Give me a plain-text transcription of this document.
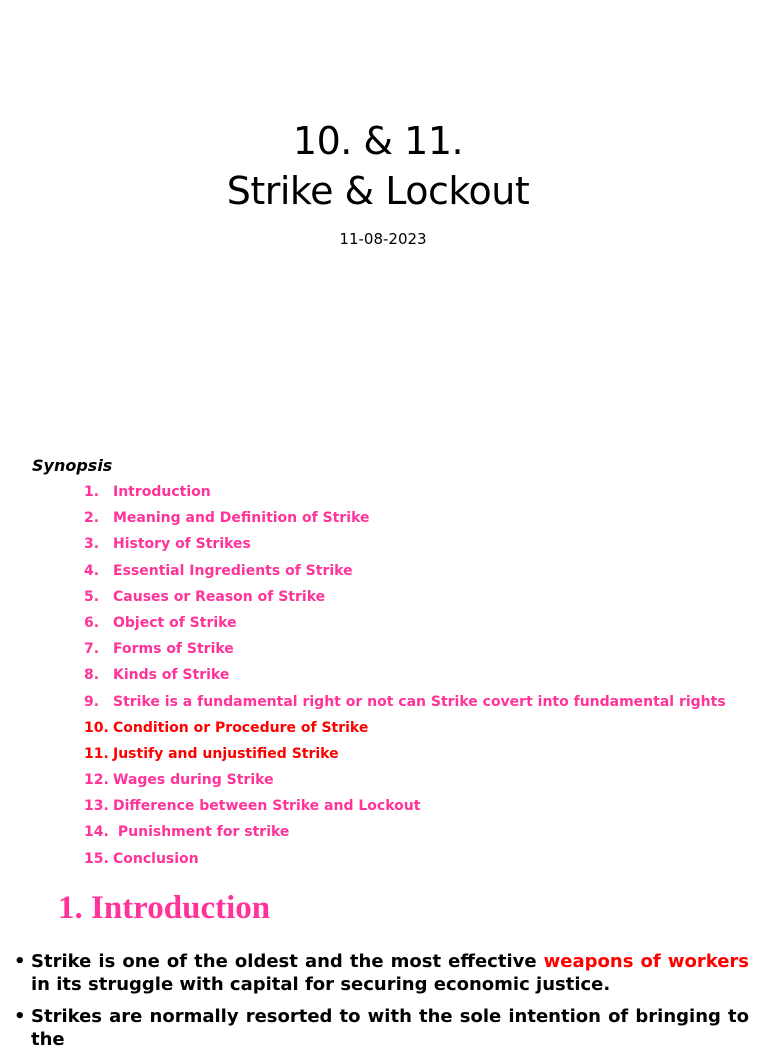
10. & 11.
Strike & Lockout
11-08-2023
Synopsis
1. Introduction
2. Meaning and Definition of Strike
3. History of Strikes
4. Essential Ingredients of Strike
5. Causes or Reason of Strike
6. Object of Strike
7. Forms of Strike
8. Kinds of Strike
9. Strike is a fundamental right or not can Strike covert into fundamental rights
10. Condition or Procedure of Strike
11. Justify and unjustified Strike
12. Wages during Strike
13. Difference between Strike and Lockout
14. Punishment for strike
15. Conclusion
1. Introduction
• Strike is one of the oldest and the most effective weapons of workers in its struggle with capital for securing economic justice.
• Strikes are normally resorted to with the sole intention of bringing to the
